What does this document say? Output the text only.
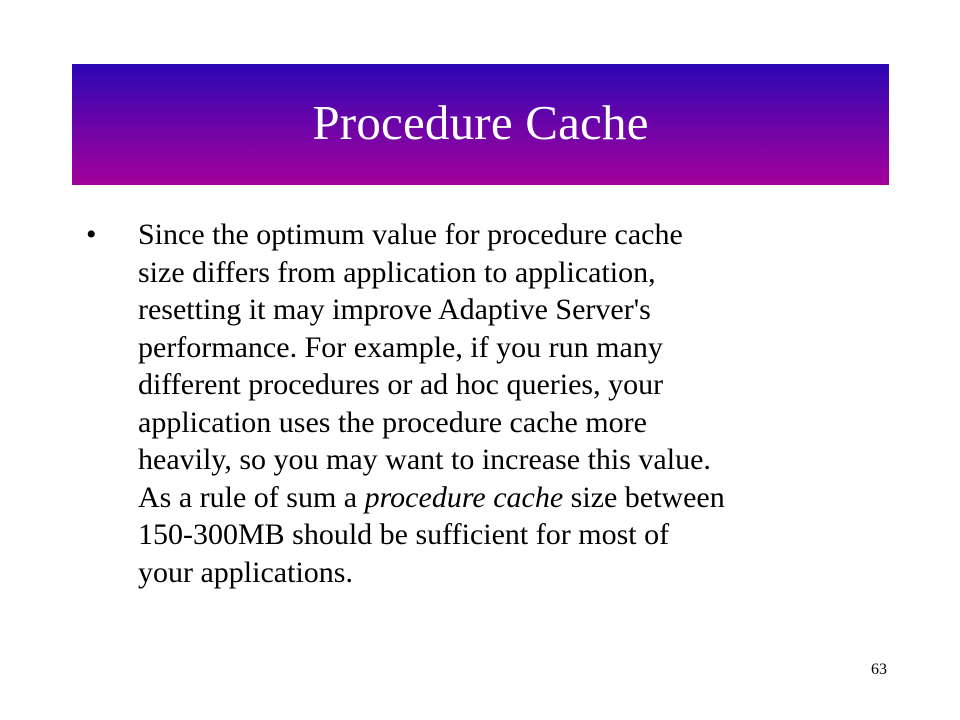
Procedure Cache
•	Since the optimum value for procedure cache
size differs from application to application,
resetting it may improve Adaptive Server's
performance. For example, if you run many
different procedures or ad hoc queries, your
application uses the procedure cache more
heavily, so you may want to increase this value.
As a rule of sum a procedure cache size between
150-300MB should be sufficient for most of
your applications.

63
